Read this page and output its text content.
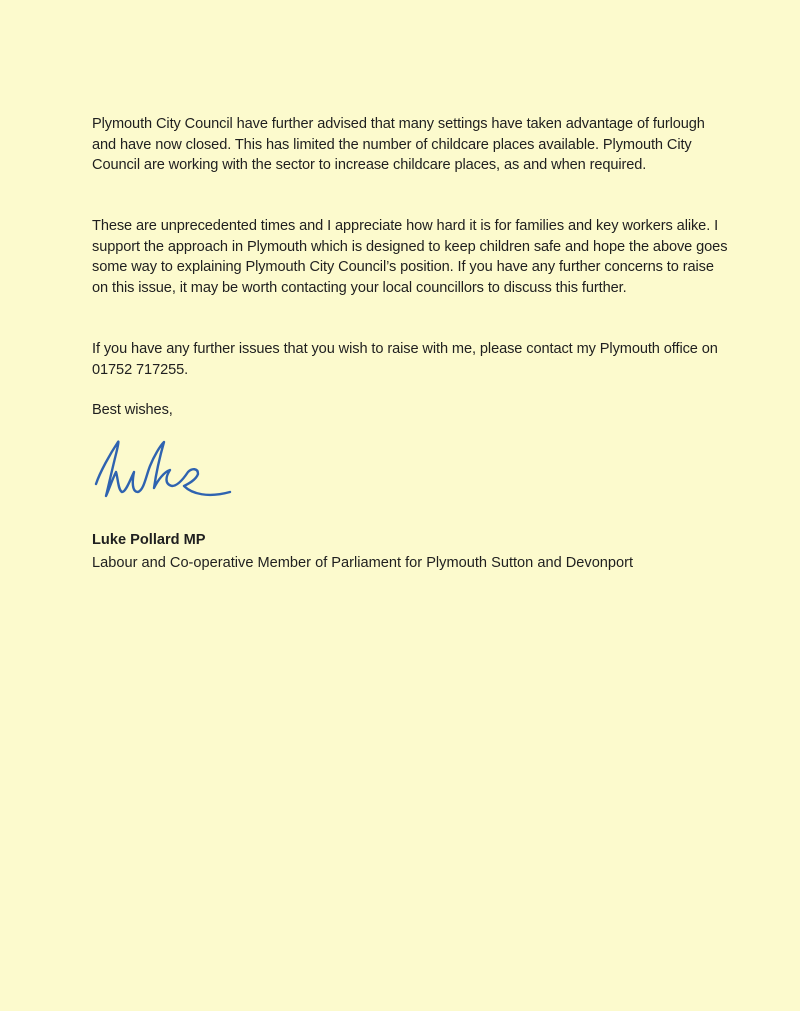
Plymouth City Council have further advised that many settings have taken advantage of furlough and have now closed. This has limited the number of childcare places available. Plymouth City Council are working with the sector to increase childcare places, as and when required.

These are unprecedented times and I appreciate how hard it is for families and key workers alike. I support the approach in Plymouth which is designed to keep children safe and hope the above goes some way to explaining Plymouth City Council’s position. If you have any further concerns to raise on this issue, it may be worth contacting your local councillors to discuss this further.

If you have any further issues that you wish to raise with me, please contact my Plymouth office on 01752 717255.

Best wishes,

Luke Pollard MP

Labour and Co-operative Member of Parliament for Plymouth Sutton and Devonport
